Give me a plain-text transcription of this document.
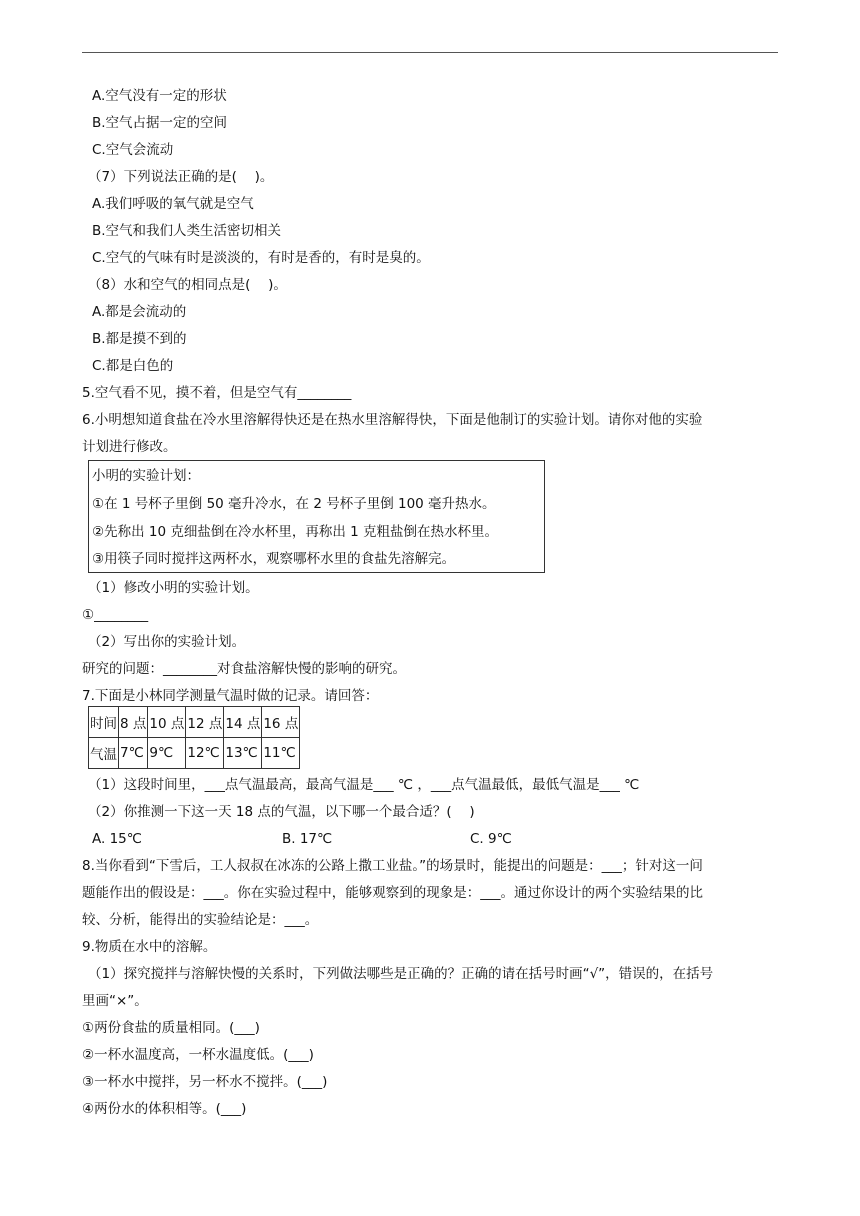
A.空气没有一定的形状
B.空气占据一定的空间
C.空气会流动
（7）下列说法正确的是(　 )。
A.我们呼吸的氧气就是空气
B.空气和我们人类生活密切相关
C.空气的气味有时是淡淡的，有时是香的，有时是臭的。
（8）水和空气的相同点是(　 )。
A.都是会流动的
B.都是摸不到的
C.都是白色的
5.空气看不见，摸不着，但是空气有________
6.小明想知道食盐在冷水里溶解得快还是在热水里溶解得快，下面是他制订的实验计划。请你对他的实验
计划进行修改。
小明的实验计划：
①在 1 号杯子里倒 50 毫升冷水，在 2 号杯子里倒 100 毫升热水。
②先称出 10 克细盐倒在冷水杯里，再称出 1 克粗盐倒在热水杯里。
③用筷子同时搅拌这两杯水，观察哪杯水里的食盐先溶解完。
（1）修改小明的实验计划。
①________
（2）写出你的实验计划。
研究的问题：________对食盐溶解快慢的影响的研究。
7.下面是小林同学测量气温时做的记录。请回答：
时间	8 点	10 点	12 点	14 点	16 点
气温	7℃	9℃	12℃	13℃	11℃
（1）这段时间里，___点气温最高，最高气温是___ ℃ ，___点气温最低，最低气温是___ ℃
（2）你推测一下这一天 18 点的气温，以下哪一个最合适？(　 )
A. 15℃	B. 17℃	C. 9℃
8.当你看到“下雪后，工人叔叔在冰冻的公路上撒工业盐。”的场景时，能提出的问题是：___；针对这一问
题能作出的假设是：___。你在实验过程中，能够观察到的现象是：___。通过你设计的两个实验结果的比
较、分析，能得出的实验结论是：___。
9.物质在水中的溶解。
（1）探究搅拌与溶解快慢的关系时，下列做法哪些是正确的？正确的请在括号时画“√”，错误的，在括号
里画“×”。
①两份食盐的质量相同。(___)
②一杯水温度高，一杯水温度低。(___)
③一杯水中搅拌，另一杯水不搅拌。(___)
④两份水的体积相等。(___)
